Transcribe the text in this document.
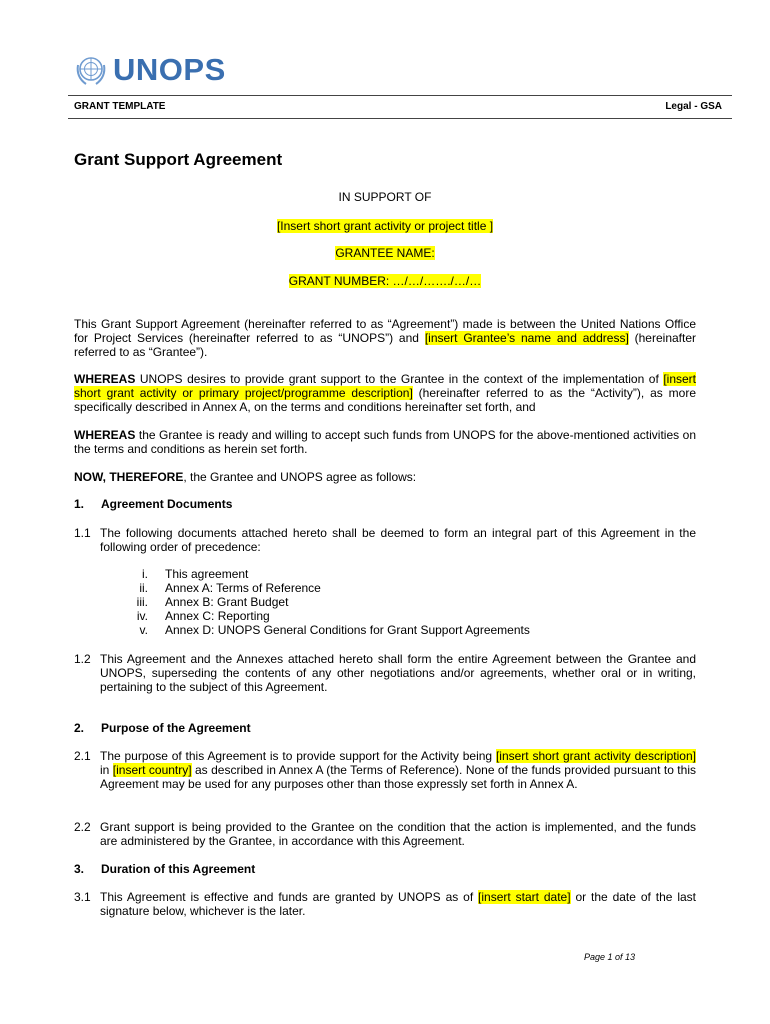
UNOPS
GRANT TEMPLATE	Legal - GSA
Grant Support Agreement
IN SUPPORT OF
[Insert short grant activity or project title ]
GRANTEE NAME:
GRANT NUMBER: …/…/……./…/…
This Grant Support Agreement (hereinafter referred to as “Agreement”) made is between the United Nations Office for Project Services (hereinafter referred to as “UNOPS”) and [insert Grantee’s name and address] (hereinafter referred to as “Grantee”).
WHEREAS UNOPS desires to provide grant support to the Grantee in the context of the implementation of [insert short grant activity or primary project/programme description] (hereinafter referred to as the “Activity”), as more specifically described in Annex A, on the terms and conditions hereinafter set forth, and
WHEREAS the Grantee is ready and willing to accept such funds from UNOPS for the above-mentioned activities on the terms and conditions as herein set forth.
NOW, THEREFORE, the Grantee and UNOPS agree as follows:
1. Agreement Documents
1.1 The following documents attached hereto shall be deemed to form an integral part of this Agreement in the following order of precedence:
i. This agreement
ii. Annex A: Terms of Reference
iii. Annex B: Grant Budget
iv. Annex C: Reporting
v. Annex D: UNOPS General Conditions for Grant Support Agreements
1.2 This Agreement and the Annexes attached hereto shall form the entire Agreement between the Grantee and UNOPS, superseding the contents of any other negotiations and/or agreements, whether oral or in writing, pertaining to the subject of this Agreement.
2. Purpose of the Agreement
2.1 The purpose of this Agreement is to provide support for the Activity being [insert short grant activity description] in [insert country] as described in Annex A (the Terms of Reference). None of the funds provided pursuant to this Agreement may be used for any purposes other than those expressly set forth in Annex A.
2.2 Grant support is being provided to the Grantee on the condition that the action is implemented, and the funds are administered by the Grantee, in accordance with this Agreement.
3. Duration of this Agreement
3.1 This Agreement is effective and funds are granted by UNOPS as of [insert start date] or the date of the last signature below, whichever is the later.
Page 1 of 13
